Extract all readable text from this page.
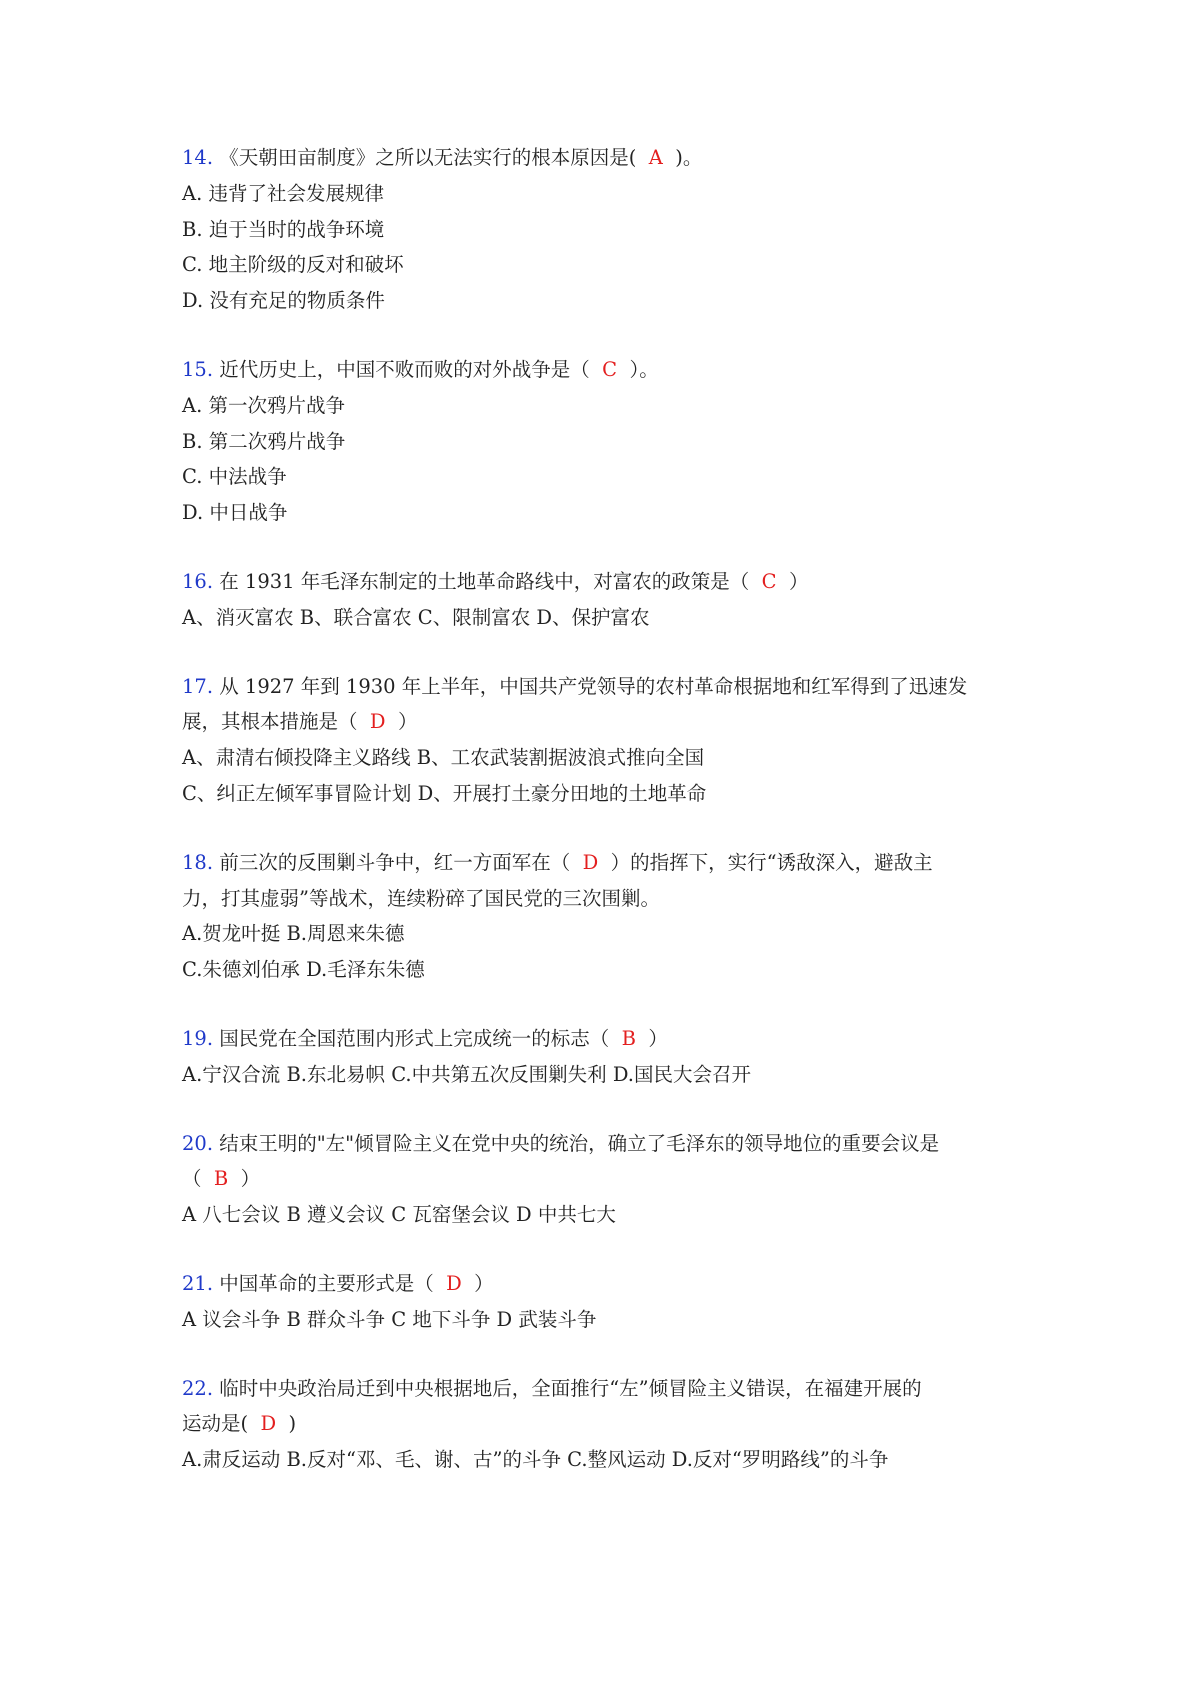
14. 《天朝田亩制度》之所以无法实行的根本原因是(  A  )。
A. 违背了社会发展规律
B. 迫于当时的战争环境
C. 地主阶级的反对和破坏
D. 没有充足的物质条件
15. 近代历史上，中国不败而败的对外战争是（  C  ）。
A. 第一次鸦片战争
B. 第二次鸦片战争
C. 中法战争
D. 中日战争
16. 在 1931 年毛泽东制定的土地革命路线中，对富农的政策是（  C  ）
A、消灭富农 B、联合富农 C、限制富农 D、保护富农
17. 从 1927 年到 1930 年上半年，中国共产党领导的农村革命根据地和红军得到了迅速发
展，其根本措施是（  D  ）
A、肃清右倾投降主义路线 B、工农武装割据波浪式推向全国
C、纠正左倾军事冒险计划 D、开展打土豪分田地的土地革命
18. 前三次的反围剿斗争中，红一方面军在（  D  ）的指挥下，实行“诱敌深入，避敌主
力，打其虚弱”等战术，连续粉碎了国民党的三次围剿。
A.贺龙叶挺 B.周恩来朱德
C.朱德刘伯承 D.毛泽东朱德
19. 国民党在全国范围内形式上完成统一的标志（  B  ）
A.宁汉合流 B.东北易帜 C.中共第五次反围剿失利 D.国民大会召开
20. 结束王明的"左"倾冒险主义在党中央的统治，确立了毛泽东的领导地位的重要会议是
（  B  ）
A 八七会议 B 遵义会议 C 瓦窑堡会议 D 中共七大
21. 中国革命的主要形式是（  D  ）
A 议会斗争 B 群众斗争 C 地下斗争 D 武装斗争
22. 临时中央政治局迁到中央根据地后，全面推行“左”倾冒险主义错误，在福建开展的
运动是(  D  )
A.肃反运动 B.反对“邓、毛、谢、古”的斗争 C.整风运动 D.反对“罗明路线”的斗争
